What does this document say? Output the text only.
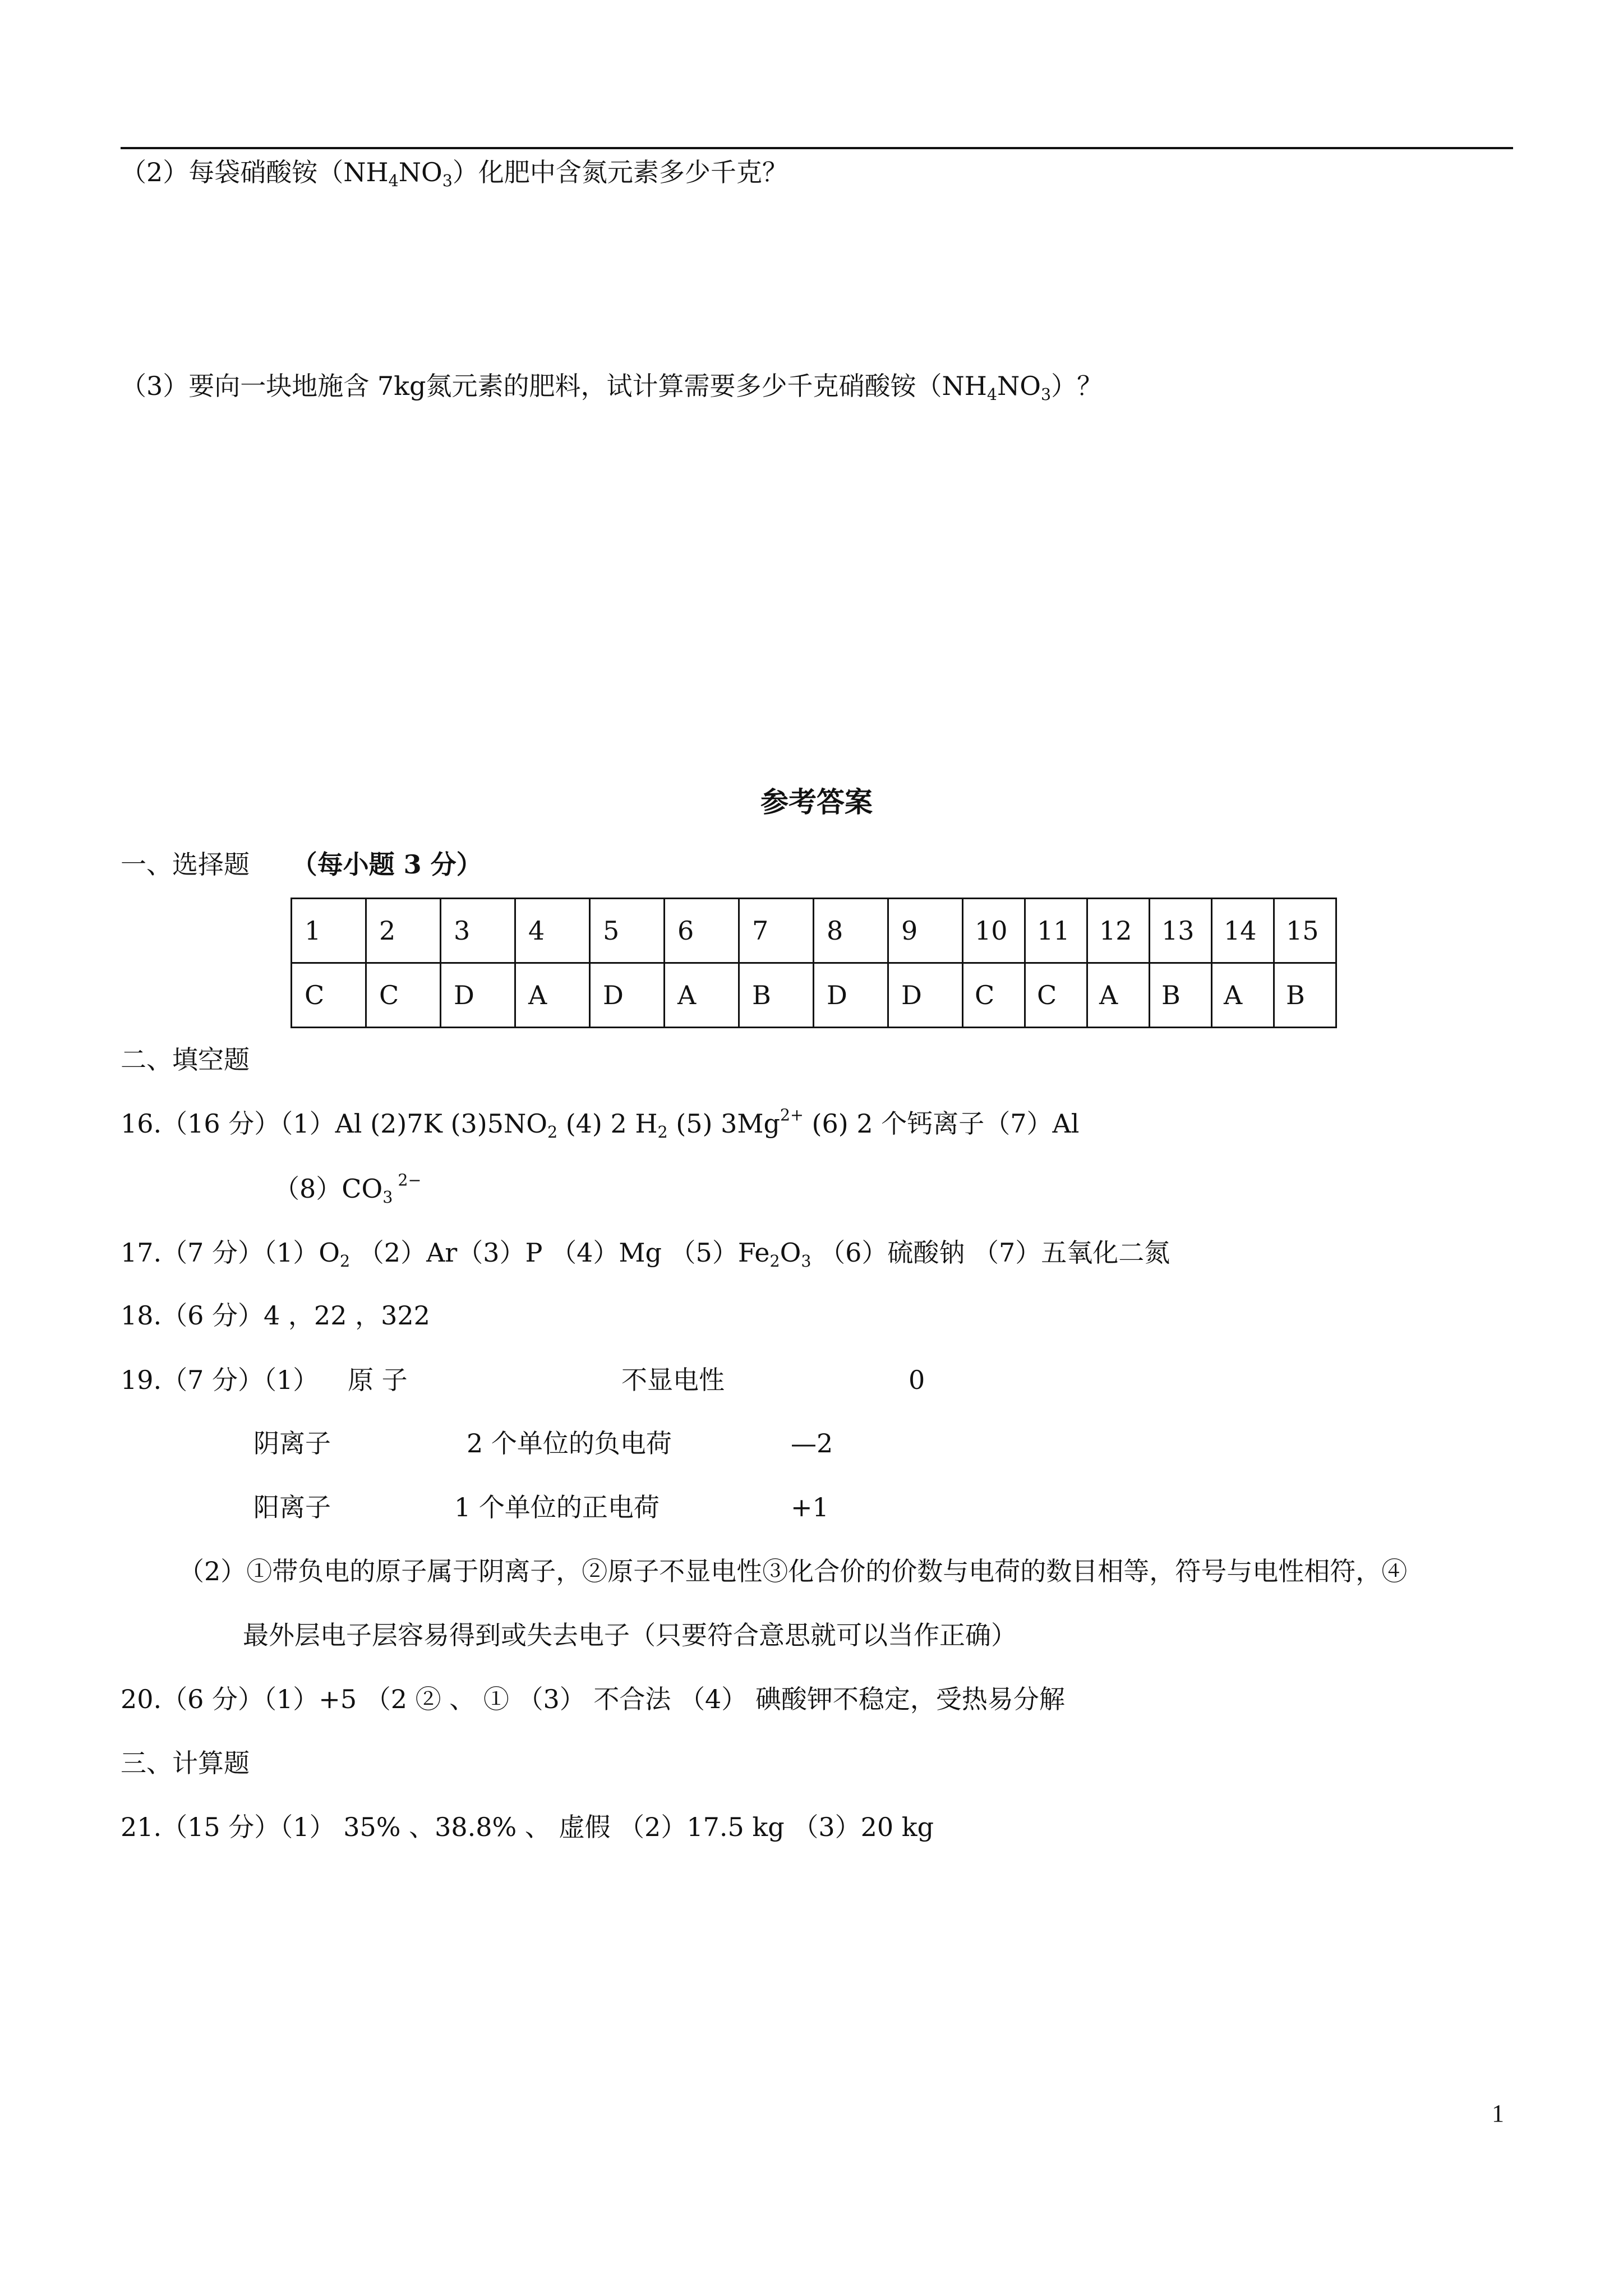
（2）每袋硝酸铵$(NH_4NO_3)$化肥中含氮元素多少千克？
（3）要向一块地施含 7kg氮元素的肥料，试计算需要多少千克硝酸铵$(NH_4NO_3)$？
参考答案
一、选择题 （每小题 3 分）
1	2	3	4	5	6	7	8	9	10	11	12	13	14	15
C	C	D	A	D	A	B	D	D	C	C	A	B	A	B
二、填空题
16.（16 分）（1）Al (2)7K $(3)5NO_2$ (4) 2 $H_2$ (5) $3Mg^{2+}$ (6) 2 个钙离子（7）Al
$(8)CO_3$ $^{2-}$
17.（7 分）$(1)O_2$ （2）Ar（3）P （4）Mg $(5)Fe_2O_3$ （6）硫酸钠 （7）五氧化二氮
18.（6 分）4 ，22 ，322
19.（7 分）（1） 原 子	不显电性	0
阴离子	2 个单位的负电荷	—2
阳离子	1 个单位的正电荷	+1
（2）①带负电的原子属于阴离子，②原子不显电性③化合价的价数与电荷的数目相等，符号与电性相符，④
最外层电子层容易得到或失去电子（只要符合意思就可以当作正确）
20.（6 分）（1）+5 （2 ② 、 ① （3） 不合法 （4） 碘酸钾不稳定，受热易分解
三、计算题
21.（15 分）（1） 35% 、38.8% 、 虚假 （2）17.5 kg （3）20 kg
1
